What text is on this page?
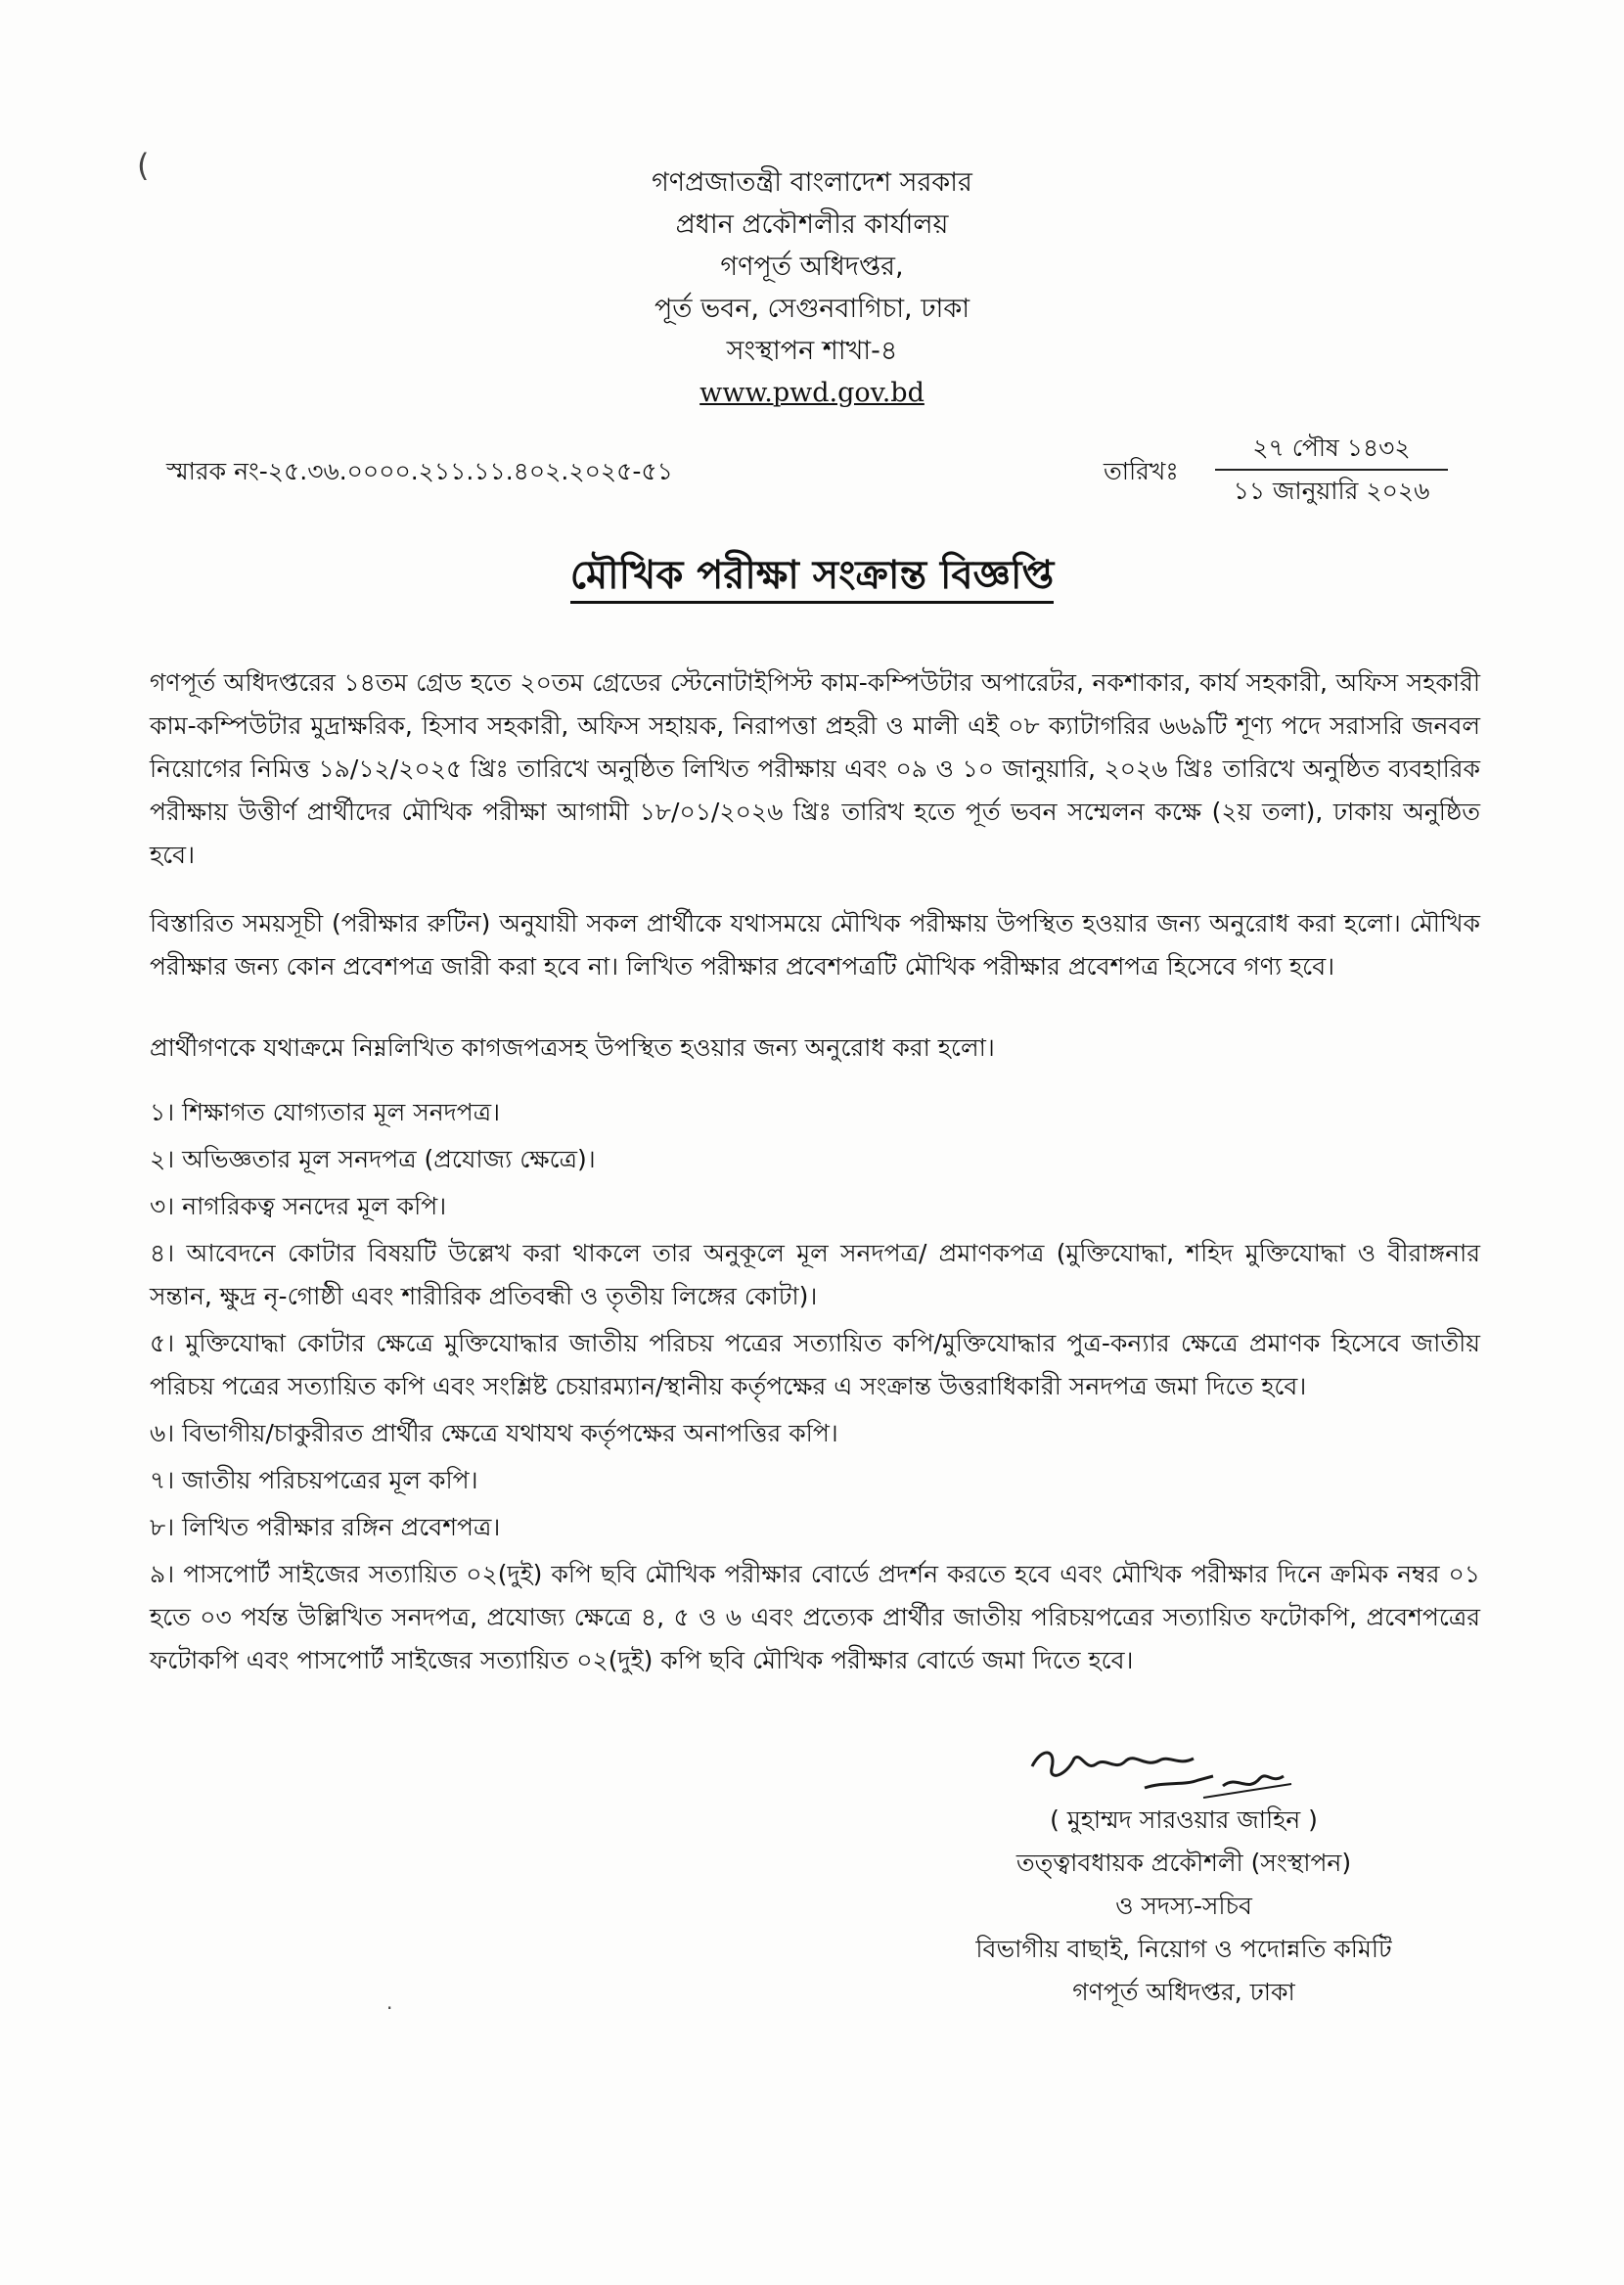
(	গণপ্রজাতন্ত্রী বাংলাদেশ সরকার
প্রধান প্রকৌশলীর কার্যালয়
গণপূর্ত অধিদপ্তর,
পূর্ত ভবন, সেগুনবাগিচা, ঢাকা
সংস্থাপন শাখা-৪
www.pwd.gov.bd
স্মারক নং-২৫.৩৬.০০০০.২১১.১১.৪০২.২০২৫-৫১	তারিখঃ
২৭ পৌষ ১৪৩২
১১ জানুয়ারি ২০২৬
মৌখিক পরীক্ষা সংক্রান্ত বিজ্ঞপ্তি
গণপূর্ত অধিদপ্তরের ১৪তম গ্রেড হতে ২০তম গ্রেডের স্টেনোটাইপিস্ট কাম-কম্পিউটার অপারেটর, নকশাকার, কার্য সহকারী, অফিস সহকারী কাম-কম্পিউটার মুদ্রাক্ষরিক, হিসাব সহকারী, অফিস সহায়ক, নিরাপত্তা প্রহরী ও মালী এই ০৮ ক্যাটাগরির ৬৬৯টি শূণ্য পদে সরাসরি জনবল নিয়োগের নিমিত্ত ১৯/১২/২০২৫ খ্রিঃ তারিখে অনুষ্ঠিত লিখিত পরীক্ষায় এবং ০৯ ও ১০ জানুয়ারি, ২০২৬ খ্রিঃ তারিখে অনুষ্ঠিত ব্যবহারিক পরীক্ষায় উত্তীর্ণ প্রার্থীদের মৌখিক পরীক্ষা আগামী ১৮/০১/২০২৬ খ্রিঃ তারিখ হতে পূর্ত ভবন সম্মেলন কক্ষে (২য় তলা), ঢাকায় অনুষ্ঠিত হবে।
বিস্তারিত সময়সূচী (পরীক্ষার রুটিন) অনুযায়ী সকল প্রার্থীকে যথাসময়ে মৌখিক পরীক্ষায় উপস্থিত হওয়ার জন্য অনুরোধ করা হলো। মৌখিক পরীক্ষার জন্য কোন প্রবেশপত্র জারী করা হবে না। লিখিত পরীক্ষার প্রবেশপত্রটি মৌখিক পরীক্ষার প্রবেশপত্র হিসেবে গণ্য হবে।
প্রার্থীগণকে যথাক্রমে নিম্নলিখিত কাগজপত্রসহ উপস্থিত হওয়ার জন্য অনুরোধ করা হলো।
১। শিক্ষাগত যোগ্যতার মূল সনদপত্র।
২। অভিজ্ঞতার মূল সনদপত্র (প্রযোজ্য ক্ষেত্রে)।
৩। নাগরিকত্ব সনদের মূল কপি।
৪। আবেদনে কোটার বিষয়টি উল্লেখ করা থাকলে তার অনুকূলে মূল সনদপত্র/ প্রমাণকপত্র (মুক্তিযোদ্ধা, শহিদ মুক্তিযোদ্ধা ও বীরাঙ্গনার সন্তান, ক্ষুদ্র নৃ-গোষ্ঠী এবং শারীরিক প্রতিবন্ধী ও তৃতীয় লিঙ্গের কোটা)।
৫। মুক্তিযোদ্ধা কোটার ক্ষেত্রে মুক্তিযোদ্ধার জাতীয় পরিচয় পত্রের সত্যায়িত কপি/মুক্তিযোদ্ধার পুত্র-কন্যার ক্ষেত্রে প্রমাণক হিসেবে জাতীয় পরিচয় পত্রের সত্যায়িত কপি এবং সংশ্লিষ্ট চেয়ারম্যান/স্থানীয় কর্তৃপক্ষের এ সংক্রান্ত উত্তরাধিকারী সনদপত্র জমা দিতে হবে।
৬। বিভাগীয়/চাকুরীরত প্রার্থীর ক্ষেত্রে যথাযথ কর্তৃপক্ষের অনাপত্তির কপি।
৭। জাতীয় পরিচয়পত্রের মূল কপি।
৮। লিখিত পরীক্ষার রঙ্গিন প্রবেশপত্র।
৯। পাসপোর্ট সাইজের সত্যায়িত ০২(দুই) কপি ছবি মৌখিক পরীক্ষার বোর্ডে প্রদর্শন করতে হবে এবং মৌখিক পরীক্ষার দিনে ক্রমিক নম্বর ০১ হতে ০৩ পর্যন্ত উল্লিখিত সনদপত্র, প্রযোজ্য ক্ষেত্রে ৪, ৫ ও ৬ এবং প্রত্যেক প্রার্থীর জাতীয় পরিচয়পত্রের সত্যায়িত ফটোকপি, প্রবেশপত্রের ফটোকপি এবং পাসপোর্ট সাইজের সত্যায়িত ০২(দুই) কপি ছবি মৌখিক পরীক্ষার বোর্ডে জমা দিতে হবে।
( মুহাম্মদ সারওয়ার জাহিন )
তত্ত্বাবধায়ক প্রকৌশলী (সংস্থাপন)
ও সদস্য-সচিব
বিভাগীয় বাছাই, নিয়োগ ও পদোন্নতি কমিটি
গণপূর্ত অধিদপ্তর, ঢাকা
·
